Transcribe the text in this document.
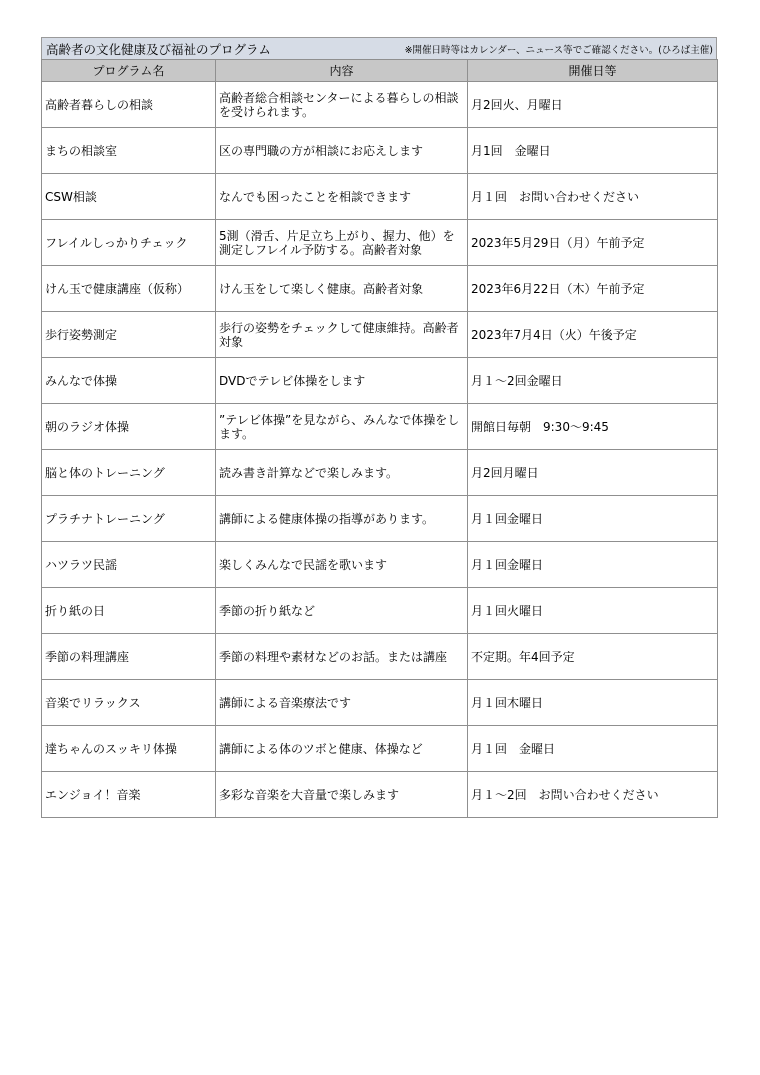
高齢者の文化健康及び福祉のプログラム	※開催日時等はカレンダー、ニュース等でご確認ください。(ひろば主催)
プログラム名	内容	開催日等
高齢者暮らしの相談	高齢者総合相談センターによる暮らしの相談を受けられます。	月2回火、月曜日
まちの相談室	区の専門職の方が相談にお応えします	月1回　金曜日
CSW相談	なんでも困ったことを相談できます	月１回　お問い合わせください
フレイルしっかりチェック	5測（滑舌、片足立ち上がり、握力、他）を測定しフレイル予防する。高齢者対象	2023年5月29日（月）午前予定
けん玉で健康講座（仮称）	けん玉をして楽しく健康。高齢者対象	2023年6月22日（木）午前予定
歩行姿勢測定	歩行の姿勢をチェックして健康維持。高齢者対象	2023年7月4日（火）午後予定
みんなで体操	DVDでテレビ体操をします	月１～2回金曜日
朝のラジオ体操	”テレビ体操”を見ながら、みんなで体操をします。	開館日毎朝　9:30～9:45
脳と体のトレーニング	読み書き計算などで楽しみます。	月2回月曜日
プラチナトレーニング	講師による健康体操の指導があります。	月１回金曜日
ハツラツ民謡	楽しくみんなで民謡を歌います	月１回金曜日
折り紙の日	季節の折り紙など	月１回火曜日
季節の料理講座	季節の料理や素材などのお話。または講座	不定期。年4回予定
音楽でリラックス	講師による音楽療法です	月１回木曜日
達ちゃんのスッキリ体操	講師による体のツボと健康、体操など	月１回　金曜日
エンジョイ！音楽	多彩な音楽を大音量で楽しみます	月１～2回　お問い合わせください
